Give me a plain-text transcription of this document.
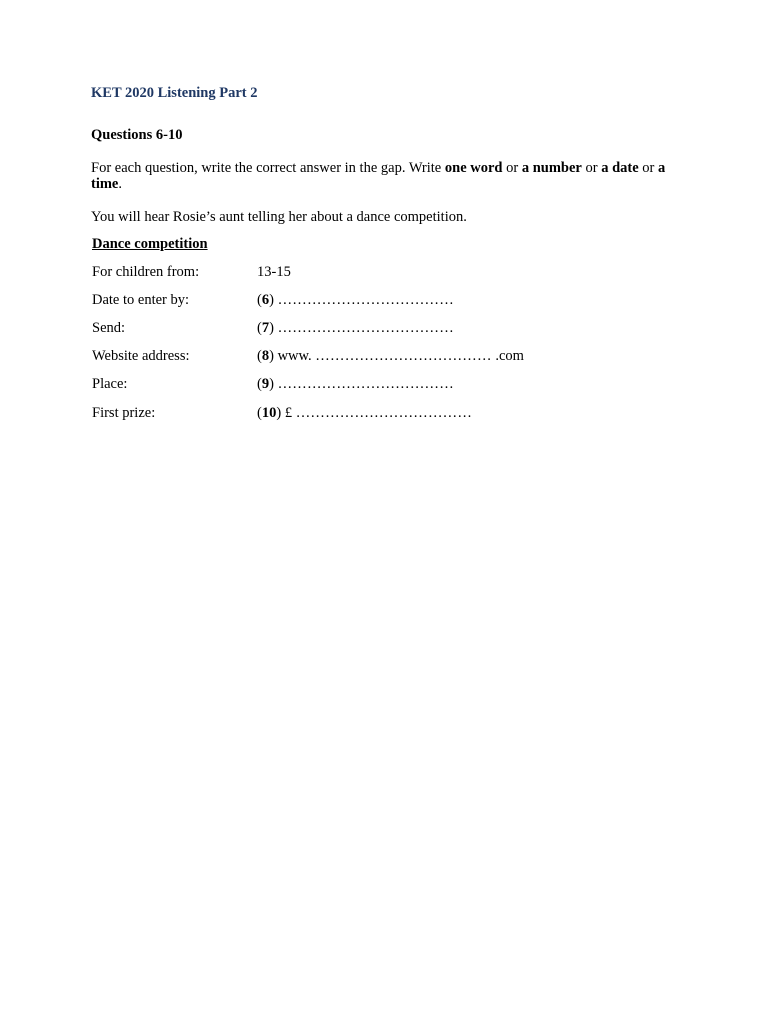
KET 2020 Listening Part 2
Questions 6-10
For each question, write the correct answer in the gap. Write one word or a number or a date or a time.
You will hear Rosie’s aunt telling her about a dance competition.
Dance competition
For children from:	13-15
Date to enter by:	(6) ………………………………
Send:	(7) ………………………………
Website address:	(8) www. ……………………………… .com
Place:	(9) ………………………………
First prize:	(10) £ ………………………………
